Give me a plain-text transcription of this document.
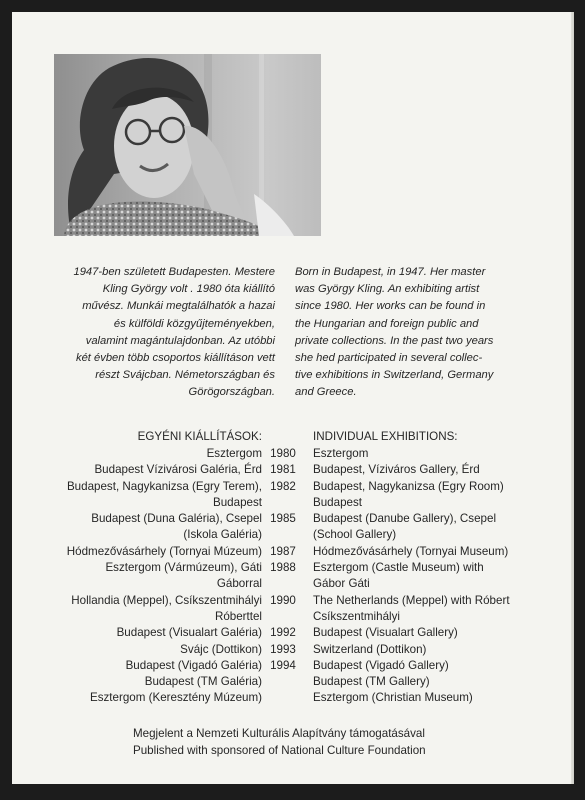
1947-ben született Budapesten. Mestere
Kling György volt . 1980 óta kiállító
művész. Munkái megtalálhatók a hazai
és külföldi közgyűjteményekben,
valamint magántulajdonban. Az utóbbi
két évben több csoportos kiállításon vett
részt Svájcban. Németországban és
Görögországban.
Born in Budapest, in 1947. Her master
was György Kling. An exhibiting artist
since 1980. Her works can be found in
the Hungarian and foreign public and
private collections. In the past two years
she hed participated in several collec-
tive exhibitions in Switzerland, Germany
and Greece.
EGYÉNI KIÁLLÍTÁSOK:	INDIVIDUAL EXHIBITIONS:
Esztergom 1980	Esztergom
Budapest Vízivárosi Galéria, Érd 1981	Budapest, Víziváros Gallery, Érd
Budapest, Nagykanizsa (Egry Terem), 1982	Budapest, Nagykanizsa (Egry Room)
Budapest	Budapest
Budapest (Duna Galéria), Csepel 1985	Budapest (Danube Gallery), Csepel
(Iskola Galéria)	(School Gallery)
Hódmezővásárhely (Tornyai Múzeum) 1987	Hódmezővásárhely (Tornyai Museum)
Esztergom (Vármúzeum), Gáti 1988	Esztergom (Castle Museum) with
Gáborral	Gábor Gáti
Hollandia (Meppel), Csíkszentmihályi 1990	The Netherlands (Meppel) with Róbert
Róberttel	Csíkszentmihályi
Budapest (Visualart Galéria) 1992	Budapest (Visualart Gallery)
Svájc (Dottikon) 1993	Switzerland (Dottikon)
Budapest (Vigadó Galéria) 1994	Budapest (Vigadó Gallery)
Budapest (TM Galéria)	Budapest (TM Gallery)
Esztergom (Keresztény Múzeum)	Esztergom (Christian Museum)
Megjelent a Nemzeti Kulturális Alapítvány támogatásával
Published with sponsored of National Culture Foundation
